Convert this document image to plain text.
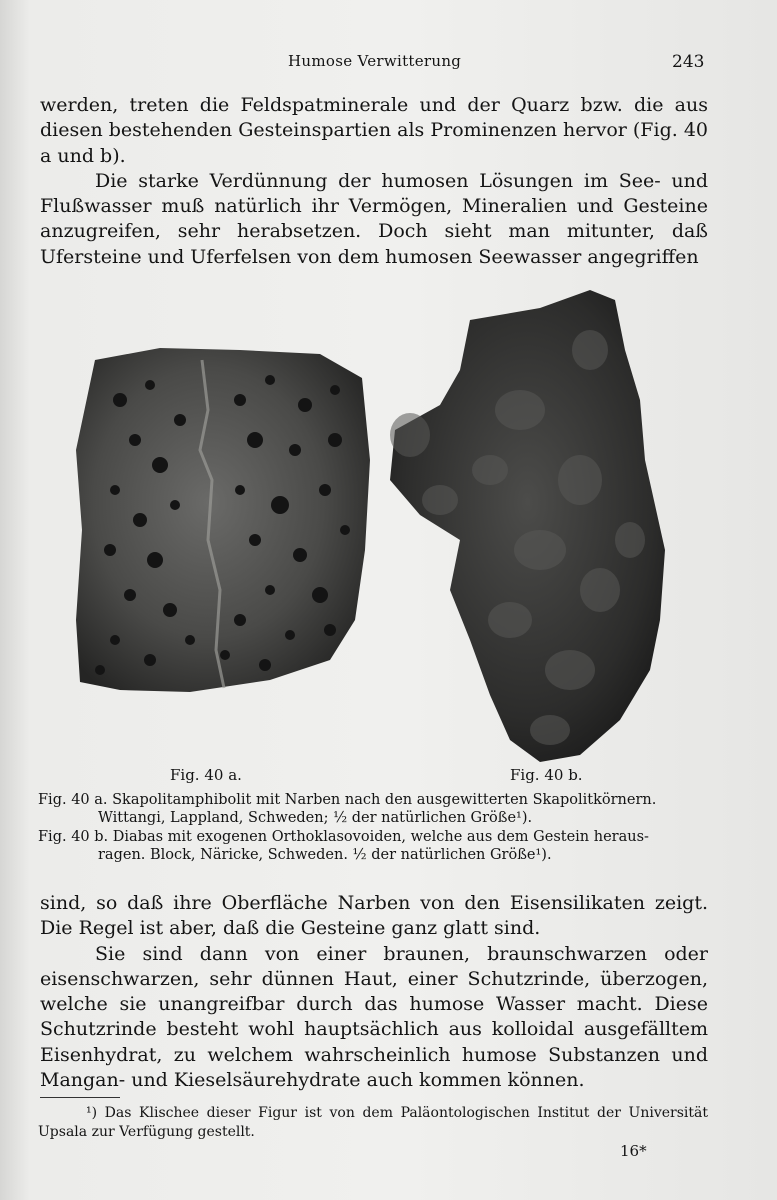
Humose Verwitterung	243

werden, treten die Feldspatminerale und der Quarz bzw. die aus diesen bestehenden Gesteinspartien als Prominenzen hervor (Fig. 40 a und b).

Die starke Verdünnung der humosen Lösungen im See- und Flußwasser muß natürlich ihr Vermögen, Mineralien und Gesteine anzugreifen, sehr herabsetzen. Doch sieht man mitunter, daß Ufersteine und Uferfelsen von dem humosen Seewasser angegriffen

Fig. 40 a.	Fig. 40 b.

Fig. 40 a. Skapolitamphibolit mit Narben nach den ausgewitterten Skapolitkörnern.
Wittangi, Lappland, Schweden; ½ der natürlichen Größe¹).

Fig. 40 b. Diabas mit exogenen Orthoklasovoiden, welche aus dem Gestein heraus-
ragen. Block, Näricke, Schweden. ½ der natürlichen Größe¹).

sind, so daß ihre Oberfläche Narben von den Eisensilikaten zeigt. Die Regel ist aber, daß die Gesteine ganz glatt sind.

Sie sind dann von einer braunen, braunschwarzen oder eisenschwarzen, sehr dünnen Haut, einer Schutzrinde, überzogen, welche sie unangreifbar durch das humose Wasser macht. Diese Schutzrinde besteht wohl hauptsächlich aus kolloidal ausgefälltem Eisenhydrat, zu welchem wahrscheinlich humose Substanzen und Mangan- und Kieselsäurehydrate auch kommen können.

¹) Das Klischee dieser Figur ist von dem Paläontologischen Institut der Universität Upsala zur Verfügung gestellt.

16*
